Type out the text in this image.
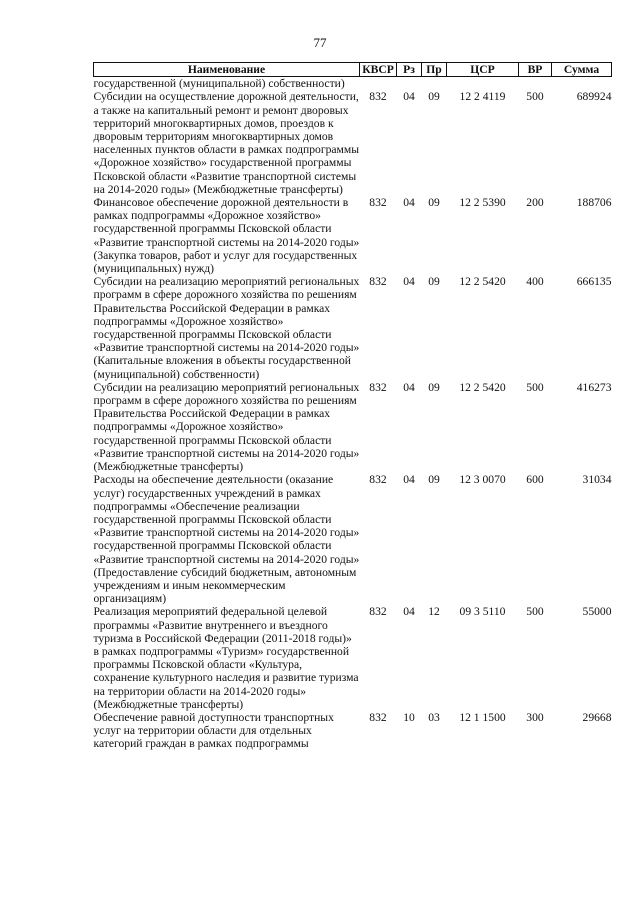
77
Наименование	КВСР	Рз	Пр	ЦСР	ВР	Сумма
государственной (муниципальной) собственности)						
Субсидии на осуществление дорожной деятельности, а также на капитальный ремонт и ремонт дворовых территорий многоквартирных домов, проездов к дворовым территориям многоквартирных домов населенных пунктов области в рамках подпрограммы «Дорожное хозяйство» государственной программы Псковской области «Развитие транспортной системы на 2014-2020 годы» (Межбюджетные трансферты)	832	04	09	12 2 4119	500	689924
Финансовое обеспечение дорожной деятельности в рамках подпрограммы «Дорожное хозяйство» государственной программы Псковской области «Развитие транспортной системы на 2014-2020 годы» (Закупка товаров, работ и услуг для государственных (муниципальных) нужд)	832	04	09	12 2 5390	200	188706
Субсидии на реализацию мероприятий региональных программ в сфере дорожного хозяйства по решениям Правительства Российской Федерации в рамках подпрограммы «Дорожное хозяйство» государственной программы Псковской области «Развитие транспортной системы на 2014-2020 годы» (Капитальные вложения в объекты государственной (муниципальной) собственности)	832	04	09	12 2 5420	400	666135
Субсидии на реализацию мероприятий региональных программ в сфере дорожного хозяйства по решениям Правительства Российской Федерации в рамках подпрограммы «Дорожное хозяйство» государственной программы Псковской области «Развитие транспортной системы на 2014-2020 годы» (Межбюджетные трансферты)	832	04	09	12 2 5420	500	416273
Расходы на обеспечение деятельности (оказание услуг) государственных учреждений в рамках подпрограммы «Обеспечение реализации государственной программы Псковской области «Развитие транспортной системы на 2014-2020 годы» государственной программы Псковской области «Развитие транспортной системы на 2014-2020 годы» (Предоставление субсидий бюджетным, автономным учреждениям и иным некоммерческим организациям)	832	04	09	12 3 0070	600	31034
Реализация мероприятий федеральной целевой программы «Развитие внутреннего и въездного туризма в Российской Федерации (2011-2018 годы)» в рамках подпрограммы «Туризм» государственной программы Псковской области «Культура, сохранение культурного наследия и развитие туризма на территории области на 2014-2020 годы» (Межбюджетные трансферты)	832	04	12	09 3 5110	500	55000
Обеспечение равной доступности транспортных услуг на территории области для отдельных категорий граждан в рамках подпрограммы	832	10	03	12 1 1500	300	29668
